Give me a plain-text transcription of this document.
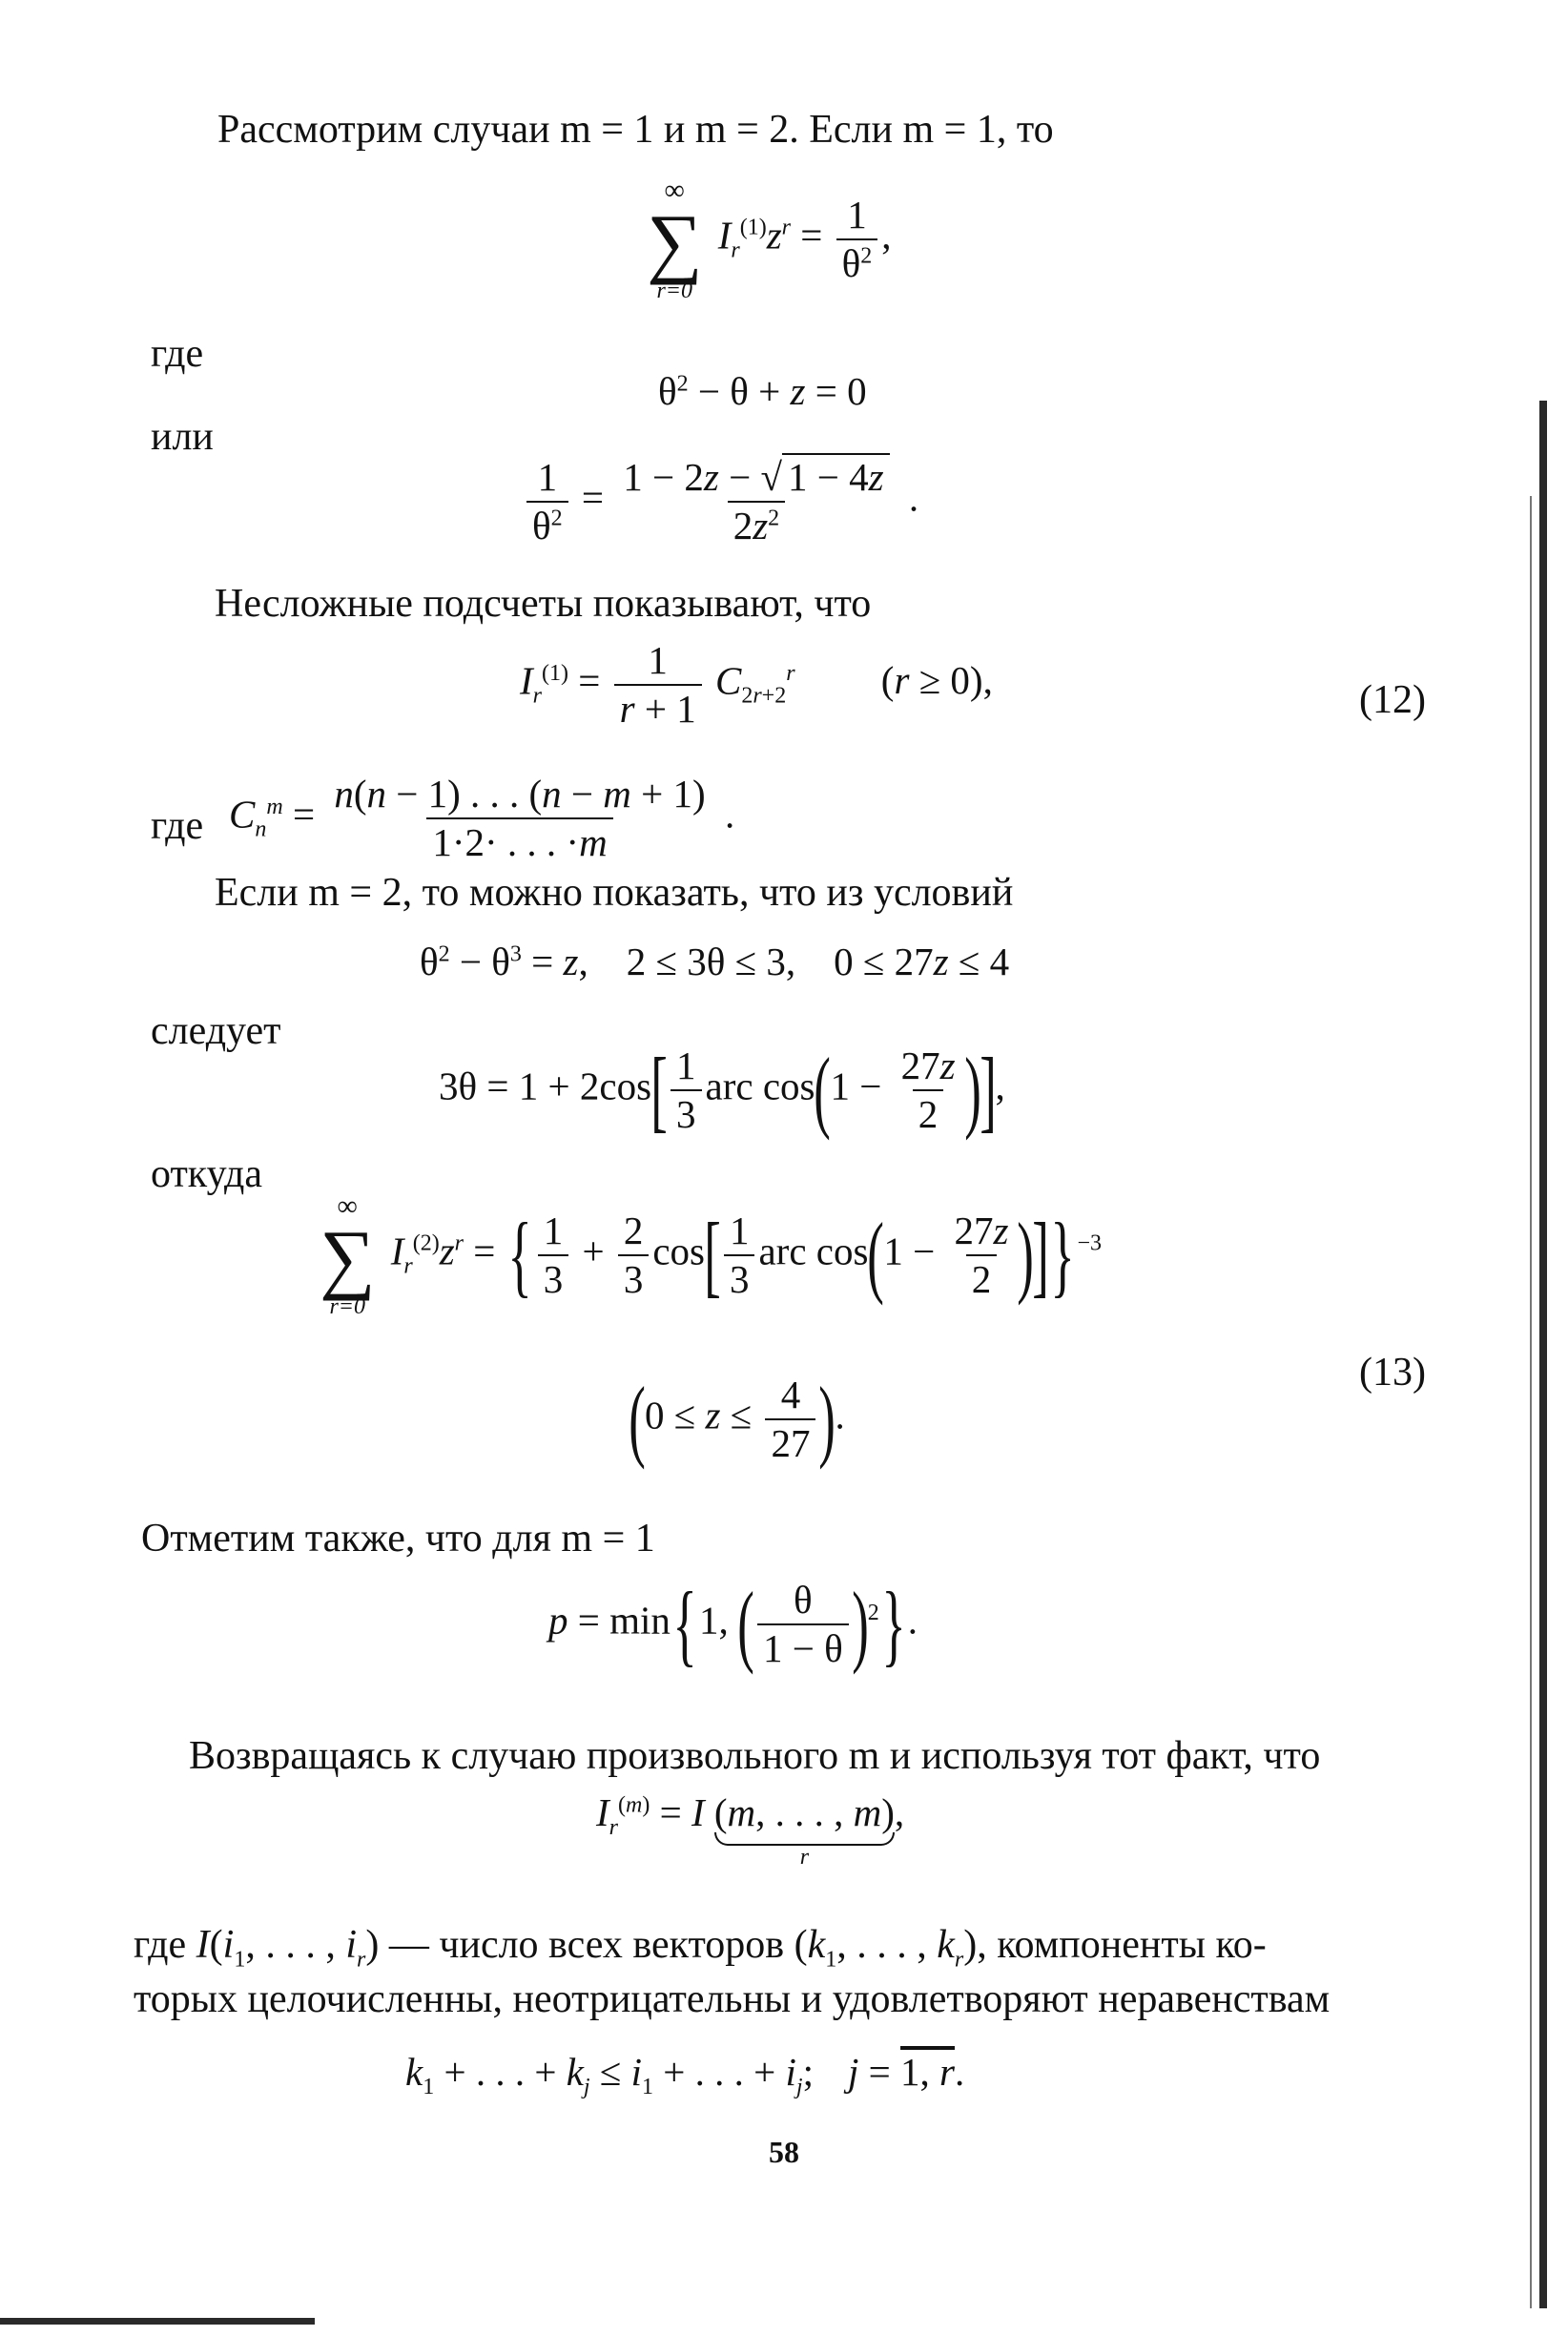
Рассмотрим случаи m = 1 и m = 2. Если m = 1, то
∞
∑
r=0
$I_r^{(1)}z^r = \frac{1}{\theta^2}$ ,
где
$\theta^2 - \theta + z = 0$
или
$\frac{1}{\theta^2} = \frac{1 - 2z - √ 1 - 4z}{2z^2}$ .
Несложные подсчеты показывают, что
$I_r^{(1)} = \frac{1}{r + 1} C_{2r+2}^r$ (r ≥ 0),	(12)
где $C_n^m = \frac{n(n - 1) . . . (n - m + 1)}{1\cdot 2\cdot . . . \cdot m}$ .
Если m = 2, то можно показать, что из условий
$\theta^2 - \theta^3 = z$, 2 ≤ 3θ ≤ 3, 0 ≤ 27z ≤ 4
следует
$3\theta = 1 + 2\cos[ \frac{1}{3}$ arc $\cos(1 - \frac{27z}{2}$ )],
откуда
∞
∑
r=0
$I_r^{(2)}z^r$ = { $\frac{1}{3} + \frac{2}{3} \cos[ \frac{1}{3}$ arc $\cos(1 - \frac{27z}{2} )]\}^{-3}$
(13)
($0 \le z \le \frac{4}{27}$ ).
Отметим также, что для m = 1
p = min{1, ( $\frac{\theta}{1 - \theta} )^2$}.
Возвращаясь к случаю произвольного m и используя тот факт, что
$I_r^{(m)} = I$ (m, . . . , m)
r
,
где $I(i_1$, . . . , $i_r$) — число всех векторов ($k_1$, . . . , $k_r$), компоненты ко-
торых целочисленны, неотрицательны и удовлетворяют неравенствам
$k_1$ + . . . + $k_j \le i_1$ + . . . + $i_j$; j = 1, r.
58
